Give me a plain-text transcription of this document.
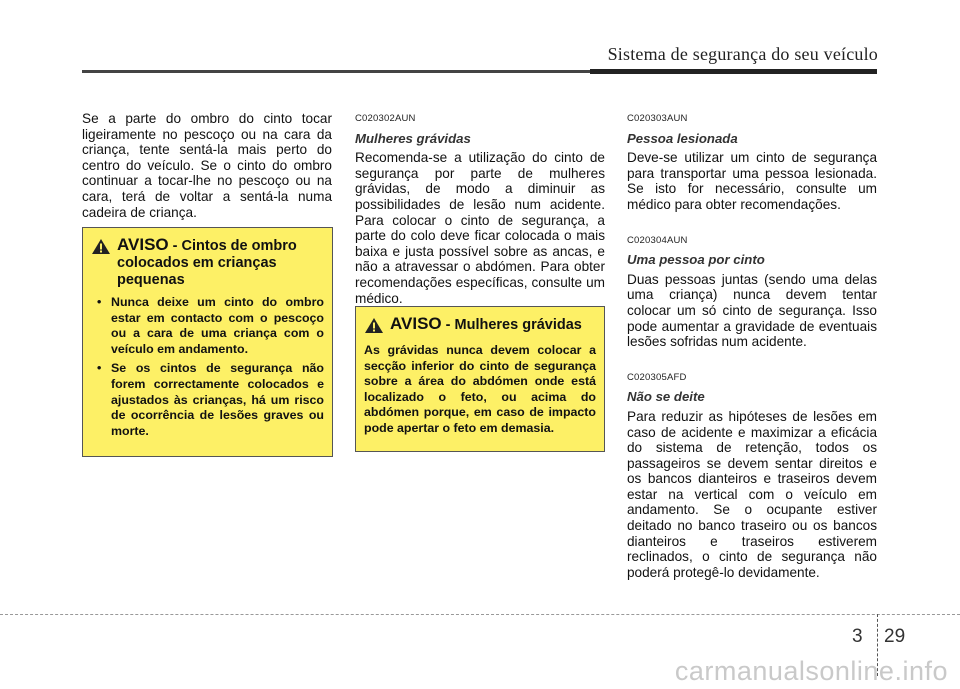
Sistema de segurança do seu veículo

Se a parte do ombro do cinto tocar ligeiramente no pescoço ou na cara da criança, tente sentá-la mais perto do centro do veículo. Se o cinto do ombro continuar a tocar-lhe no pescoço ou na cara, terá de voltar a sentá-la numa cadeira de criança.

AVISO - Cintos de ombro colocados em crianças pequenas
• Nunca deixe um cinto do ombro estar em contacto com o pescoço ou a cara de uma criança com o veículo em andamento.
• Se os cintos de segurança não forem correctamente colocados e ajustados às crianças, há um risco de ocorrência de lesões graves ou morte.

C020302AUN

Mulheres grávidas

Recomenda-se a utilização do cinto de segurança por parte de mulheres grávidas, de modo a diminuir as possibilidades de lesão num acidente. Para colocar o cinto de segurança, a parte do colo deve ficar colocada o mais baixa e justa possível sobre as ancas, e não a atravessar o abdómen. Para obter recomendações específicas, consulte um médico.

AVISO - Mulheres grávidas
As grávidas nunca devem colocar a secção inferior do cinto de segurança sobre a área do abdómen onde está localizado o feto, ou acima do abdómen porque, em caso de impacto pode apertar o feto em demasia.

C020303AUN

Pessoa lesionada

Deve-se utilizar um cinto de segurança para transportar uma pessoa lesionada. Se isto for necessário, consulte um médico para obter recomendações.

C020304AUN

Uma pessoa por cinto

Duas pessoas juntas (sendo uma delas uma criança) nunca devem tentar colocar um só cinto de segurança. Isso pode aumentar a gravidade de eventuais lesões sofridas num acidente.

C020305AFD

Não se deite

Para reduzir as hipóteses de lesões em caso de acidente e maximizar a eficácia do sistema de retenção, todos os passageiros se devem sentar direitos e os bancos dianteiros e traseiros devem estar na vertical com o veículo em andamento. Se o ocupante estiver deitado no banco traseiro ou os bancos dianteiros e traseiros estiverem reclinados, o cinto de segurança não poderá protegê-lo devidamente.

3 29
carmanualsonline.info
